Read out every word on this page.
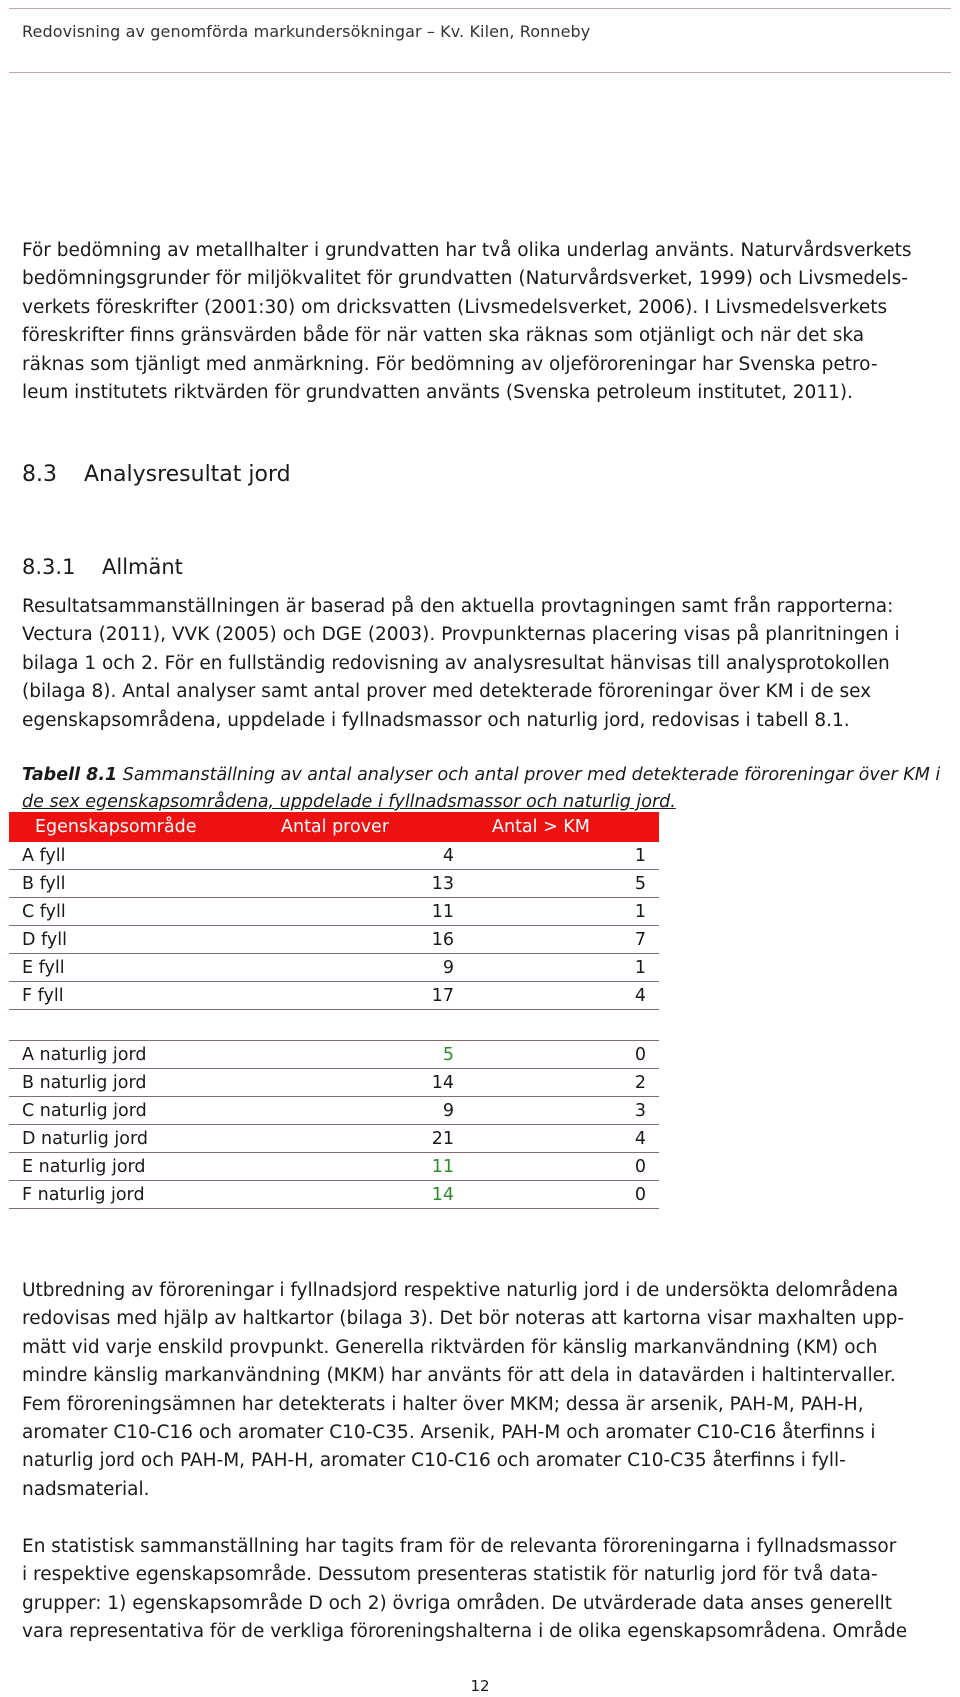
Redovisning av genomförda markundersökningar – Kv. Kilen, Ronneby
För bedömning av metallhalter i grundvatten har två olika underlag använts. Naturvårdsverkets
bedömningsgrunder för miljökvalitet för grundvatten (Naturvårdsverket, 1999) och Livsmedels-
verkets föreskrifter (2001:30) om dricksvatten (Livsmedelsverket, 2006). I Livsmedelsverkets
föreskrifter finns gränsvärden både för när vatten ska räknas som otjänligt och när det ska
räknas som tjänligt med anmärkning. För bedömning av oljeföroreningar har Svenska petro-
leum institutets riktvärden för grundvatten använts (Svenska petroleum institutet, 2011).
8.3 Analysresultat jord
8.3.1 Allmänt
Resultatsammanställningen är baserad på den aktuella provtagningen samt från rapporterna:
Vectura (2011), VVK (2005) och DGE (2003). Provpunkternas placering visas på planritningen i
bilaga 1 och 2. För en fullständig redovisning av analysresultat hänvisas till analysprotokollen
(bilaga 8). Antal analyser samt antal prover med detekterade föroreningar över KM i de sex
egenskapsområdena, uppdelade i fyllnadsmassor och naturlig jord, redovisas i tabell 8.1.
Tabell 8.1 Sammanställning av antal analyser och antal prover med detekterade föroreningar över KM i
de sex egenskapsområdena, uppdelade i fyllnadsmassor och naturlig jord.
Egenskapsområde	Antal prover	Antal > KM
A fyll	4	1
B fyll	13	5
C fyll	11	1
D fyll	16	7
E fyll	9	1
F fyll	17	4

A naturlig jord	5	0
B naturlig jord	14	2
C naturlig jord	9	3
D naturlig jord	21	4
E naturlig jord	11	0
F naturlig jord	14	0
Utbredning av föroreningar i fyllnadsjord respektive naturlig jord i de undersökta delområdena
redovisas med hjälp av haltkartor (bilaga 3). Det bör noteras att kartorna visar maxhalten upp-
mätt vid varje enskild provpunkt. Generella riktvärden för känslig markanvändning (KM) och
mindre känslig markanvändning (MKM) har använts för att dela in datavärden i haltintervaller.
Fem föroreningsämnen har detekterats i halter över MKM; dessa är arsenik, PAH-M, PAH-H,
aromater C10-C16 och aromater C10-C35. Arsenik, PAH-M och aromater C10-C16 återfinns i
naturlig jord och PAH-M, PAH-H, aromater C10-C16 och aromater C10-C35 återfinns i fyll-
nadsmaterial.
En statistisk sammanställning har tagits fram för de relevanta föroreningarna i fyllnadsmassor
i respektive egenskapsområde. Dessutom presenteras statistik för naturlig jord för två data-
grupper: 1) egenskapsområde D och 2) övriga områden. De utvärderade data anses generellt
vara representativa för de verkliga föroreningshalterna i de olika egenskapsområdena. Område
12
